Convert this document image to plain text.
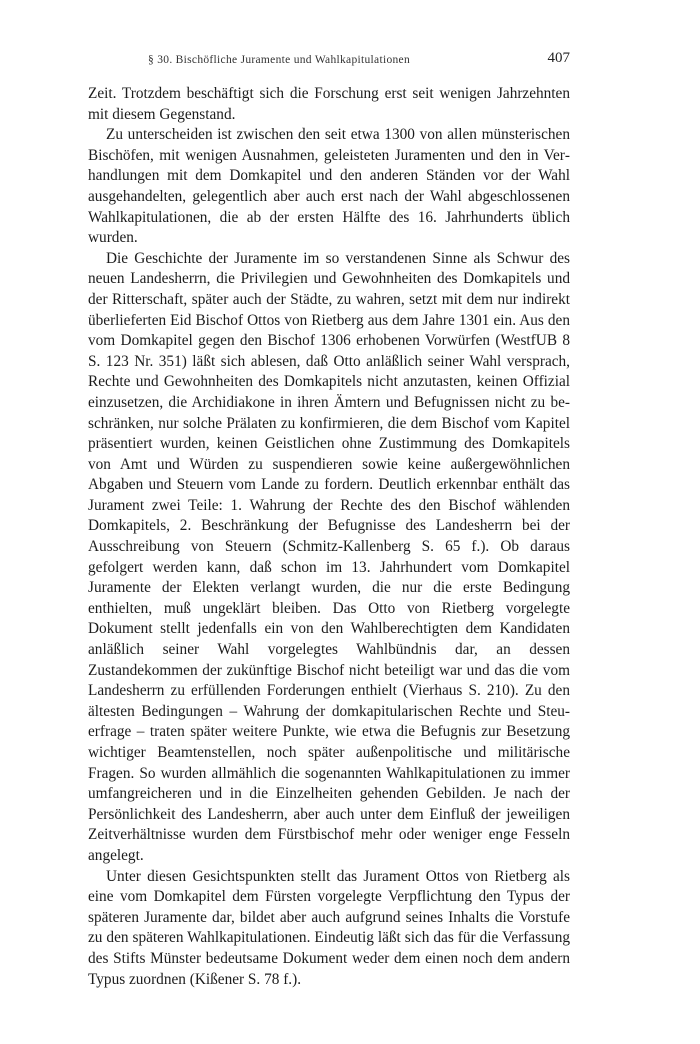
§ 30. Bischöfliche Juramente und Wahlkapitulationen	407

Zeit. Trotzdem beschäftigt sich die Forschung erst seit wenigen Jahrzehnten mit diesem Gegenstand.

Zu unterscheiden ist zwischen den seit etwa 1300 von allen münsterischen Bischöfen, mit wenigen Ausnahmen, geleisteten Juramenten und den in Verhandlungen mit dem Domkapitel und den anderen Ständen vor der Wahl ausgehandelten, gelegentlich aber auch erst nach der Wahl abgeschlossenen Wahlkapitulationen, die ab der ersten Hälfte des 16. Jahrhunderts üblich wurden.

Die Geschichte der Juramente im so verstandenen Sinne als Schwur des neuen Landesherrn, die Privilegien und Gewohnheiten des Domkapitels und der Ritterschaft, später auch der Städte, zu wahren, setzt mit dem nur indirekt überlieferten Eid Bischof Ottos von Rietberg aus dem Jahre 1301 ein. Aus den vom Domkapitel gegen den Bischof 1306 erhobenen Vorwürfen (WestfUB 8 S. 123 Nr. 351) läßt sich ablesen, daß Otto anläßlich seiner Wahl versprach, Rechte und Gewohnheiten des Domkapitels nicht anzutasten, keinen Offizial einzusetzen, die Archidiakone in ihren Ämtern und Befugnissen nicht zu beschränken, nur solche Prälaten zu konfirmieren, die dem Bischof vom Kapitel präsentiert wurden, keinen Geistlichen ohne Zustimmung des Domkapitels von Amt und Würden zu suspendieren sowie keine außergewöhnlichen Abgaben und Steuern vom Lande zu fordern. Deutlich erkennbar enthält das Jurament zwei Teile: 1. Wahrung der Rechte des den Bischof wählenden Domkapitels, 2. Beschränkung der Befugnisse des Landesherrn bei der Ausschreibung von Steuern (Schmitz-Kallenberg S. 65 f.). Ob daraus gefolgert werden kann, daß schon im 13. Jahrhundert vom Domkapitel Juramente der Elekten verlangt wurden, die nur die erste Bedingung enthielten, muß ungeklärt bleiben. Das Otto von Rietberg vorgelegte Dokument stellt jedenfalls ein von den Wahlberechtigten dem Kandidaten anläßlich seiner Wahl vorgelegtes Wahlbündnis dar, an dessen Zustandekommen der zukünftige Bischof nicht beteiligt war und das die vom Landesherrn zu erfüllenden Forderungen enthielt (Vierhaus S. 210). Zu den ältesten Bedingungen – Wahrung der domkapitularischen Rechte und Steuerfrage – traten später weitere Punkte, wie etwa die Befugnis zur Besetzung wichtiger Beamtenstellen, noch später außenpolitische und militärische Fragen. So wurden allmählich die sogenannten Wahlkapitulationen zu immer umfangreicheren und in die Einzelheiten gehenden Gebilden. Je nach der Persönlichkeit des Landesherrn, aber auch unter dem Einfluß der jeweiligen Zeitverhältnisse wurden dem Fürstbischof mehr oder weniger enge Fesseln angelegt.

Unter diesen Gesichtspunkten stellt das Jurament Ottos von Rietberg als eine vom Domkapitel dem Fürsten vorgelegte Verpflichtung den Typus der späteren Juramente dar, bildet aber auch aufgrund seines Inhalts die Vorstufe zu den späteren Wahlkapitulationen. Eindeutig läßt sich das für die Verfassung des Stifts Münster bedeutsame Dokument weder dem einen noch dem andern Typus zuordnen (Kißener S. 78 f.).
